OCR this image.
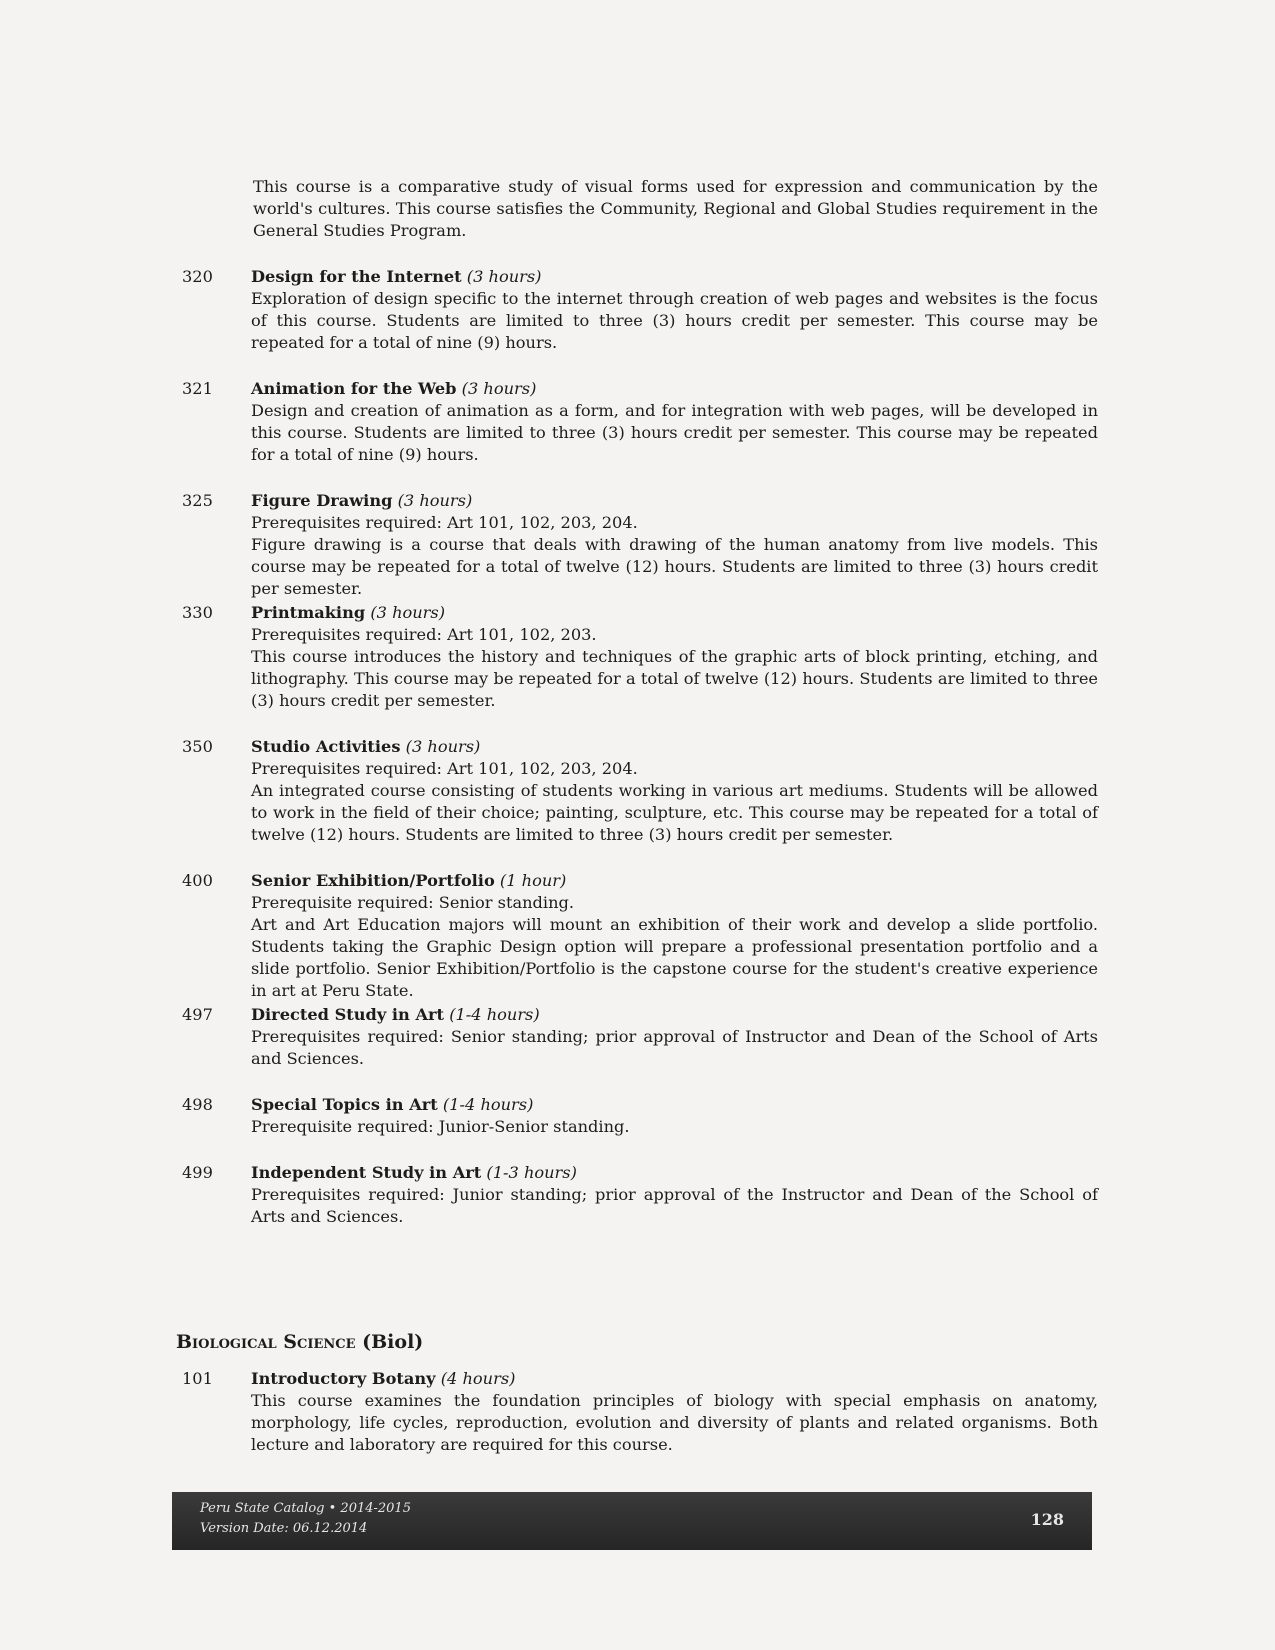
This course is a comparative study of visual forms used for expression and communication by the world's cultures. This course satisfies the Community, Regional and Global Studies requirement in the General Studies Program.
320 Design for the Internet (3 hours)
Exploration of design specific to the internet through creation of web pages and websites is the focus of this course. Students are limited to three (3) hours credit per semester. This course may be repeated for a total of nine (9) hours.
321 Animation for the Web (3 hours)
Design and creation of animation as a form, and for integration with web pages, will be developed in this course. Students are limited to three (3) hours credit per semester. This course may be repeated for a total of nine (9) hours.
325 Figure Drawing (3 hours)
Prerequisites required: Art 101, 102, 203, 204.
Figure drawing is a course that deals with drawing of the human anatomy from live models. This course may be repeated for a total of twelve (12) hours. Students are limited to three (3) hours credit per semester.
330 Printmaking (3 hours)
Prerequisites required: Art 101, 102, 203.
This course introduces the history and techniques of the graphic arts of block printing, etching, and lithography. This course may be repeated for a total of twelve (12) hours. Students are limited to three (3) hours credit per semester.
350 Studio Activities (3 hours)
Prerequisites required: Art 101, 102, 203, 204.
An integrated course consisting of students working in various art mediums. Students will be allowed to work in the field of their choice; painting, sculpture, etc. This course may be repeated for a total of twelve (12) hours. Students are limited to three (3) hours credit per semester.
400 Senior Exhibition/Portfolio (1 hour)
Prerequisite required: Senior standing.
Art and Art Education majors will mount an exhibition of their work and develop a slide portfolio. Students taking the Graphic Design option will prepare a professional presentation portfolio and a slide portfolio. Senior Exhibition/Portfolio is the capstone course for the student's creative experience in art at Peru State.
497 Directed Study in Art (1-4 hours)
Prerequisites required: Senior standing; prior approval of Instructor and Dean of the School of Arts and Sciences.
498 Special Topics in Art (1-4 hours)
Prerequisite required: Junior-Senior standing.
499 Independent Study in Art (1-3 hours)
Prerequisites required: Junior standing; prior approval of the Instructor and Dean of the School of Arts and Sciences.
Biological Science (Biol)
101 Introductory Botany (4 hours)
This course examines the foundation principles of biology with special emphasis on anatomy, morphology, life cycles, reproduction, evolution and diversity of plants and related organisms. Both lecture and laboratory are required for this course.
Peru State Catalog • 2014-2015
Version Date: 06.12.2014	128
